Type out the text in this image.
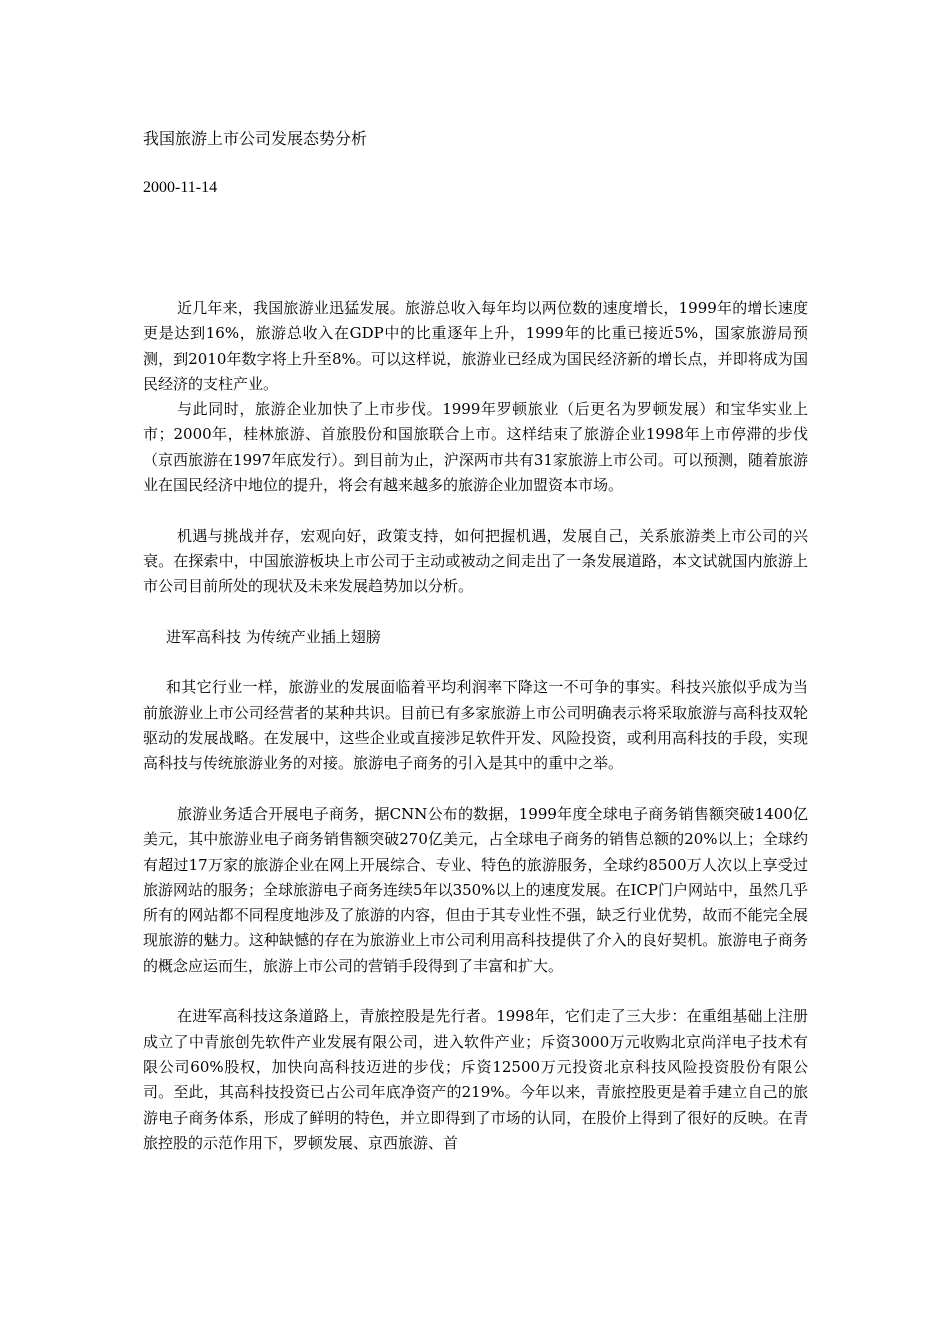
我国旅游上市公司发展态势分析
2000-11-14

近几年来，我国旅游业迅猛发展。旅游总收入每年均以两位数的速度增长，1999年的增长速度更是达到16%，旅游总收入在GDP中的比重逐年上升，1999年的比重已接近5%，国家旅游局预测，到2010年数字将上升至8%。可以这样说，旅游业已经成为国民经济新的增长点，并即将成为国民经济的支柱产业。

与此同时，旅游企业加快了上市步伐。1999年罗顿旅业（后更名为罗顿发展）和宝华实业上市；2000年，桂林旅游、首旅股份和国旅联合上市。这样结束了旅游企业1998年上市停滞的步伐（京西旅游在1997年底发行）。到目前为止，沪深两市共有31家旅游上市公司。可以预测，随着旅游业在国民经济中地位的提升，将会有越来越多的旅游企业加盟资本市场。

机遇与挑战并存，宏观向好，政策支持，如何把握机遇，发展自己，关系旅游类上市公司的兴衰。在探索中，中国旅游板块上市公司于主动或被动之间走出了一条发展道路，本文试就国内旅游上市公司目前所处的现状及未来发展趋势加以分析。

进军高科技 为传统产业插上翅膀

和其它行业一样，旅游业的发展面临着平均利润率下降这一不可争的事实。科技兴旅似乎成为当前旅游业上市公司经营者的某种共识。目前已有多家旅游上市公司明确表示将采取旅游与高科技双轮驱动的发展战略。在发展中，这些企业或直接涉足软件开发、风险投资，或利用高科技的手段，实现高科技与传统旅游业务的对接。旅游电子商务的引入是其中的重中之举。

旅游业务适合开展电子商务，据CNN公布的数据，1999年度全球电子商务销售额突破1400亿美元，其中旅游业电子商务销售额突破270亿美元，占全球电子商务的销售总额的20%以上；全球约有超过17万家的旅游企业在网上开展综合、专业、特色的旅游服务，全球约8500万人次以上享受过旅游网站的服务；全球旅游电子商务连续5年以350%以上的速度发展。在ICP门户网站中，虽然几乎所有的网站都不同程度地涉及了旅游的内容，但由于其专业性不强，缺乏行业优势，故而不能完全展现旅游的魅力。这种缺憾的存在为旅游业上市公司利用高科技提供了介入的良好契机。旅游电子商务的概念应运而生，旅游上市公司的营销手段得到了丰富和扩大。

在进军高科技这条道路上，青旅控股是先行者。1998年，它们走了三大步：在重组基础上注册成立了中青旅创先软件产业发展有限公司，进入软件产业；斥资3000万元收购北京尚洋电子技术有限公司60%股权，加快向高科技迈进的步伐；斥资12500万元投资北京科技风险投资股份有限公司。至此，其高科技投资已占公司年底净资产的219%。今年以来，青旅控股更是着手建立自己的旅游电子商务体系，形成了鲜明的特色，并立即得到了市场的认同，在股价上得到了很好的反映。在青旅控股的示范作用下，罗顿发展、京西旅游、首
